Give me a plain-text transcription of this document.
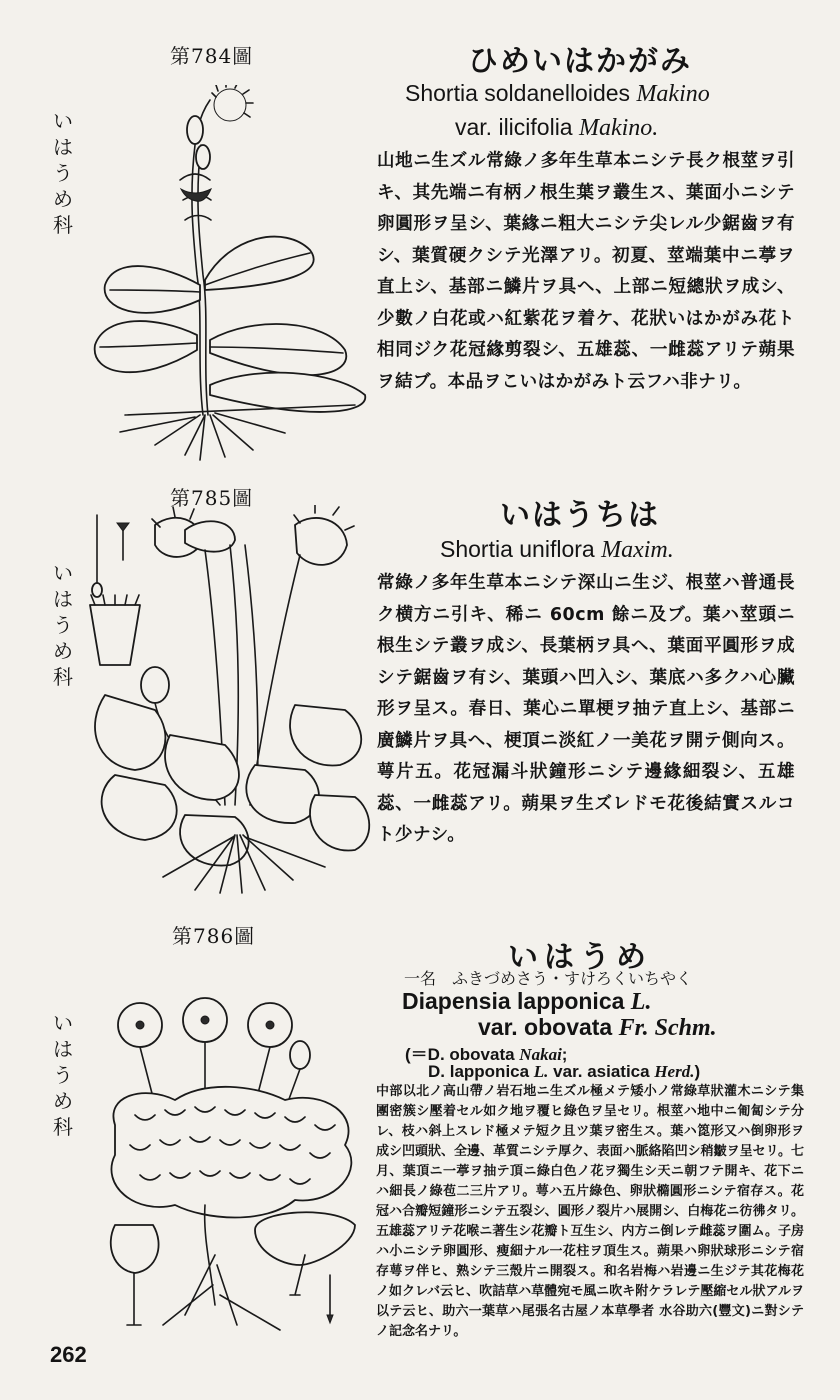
第784圖
い
は
う
め
科
ひめいはかがみ
Shortia soldanelloides Makino
var. ilicifolia Makino.
山地ニ生ズル常綠ノ多年生草本ニシテ長ク根莖ヲ引キ、其先端ニ有柄ノ根生葉ヲ叢生ス、葉面小ニシテ卵圓形ヲ呈シ、葉緣ニ粗大ニシテ尖レル少鋸齒ヲ有シ、葉質硬クシテ光澤アリ。初夏、莖端葉中ニ葶ヲ直上シ、基部ニ鱗片ヲ具ヘ、上部ニ短總狀ヲ成シ、少數ノ白花或ハ紅紫花ヲ着ケ、花狀いはかがみ花ト相同ジク花冠緣剪裂シ、五雄蕊、一雌蕊アリテ蒴果ヲ結ブ。本品ヲこいはかがみト云フハ非ナリ。
第785圖
い
は
う
め
科
いはうちは
Shortia uniflora Maxim.
常綠ノ多年生草本ニシテ深山ニ生ジ、根莖ハ普通長ク横方ニ引キ、稀ニ 60cm 餘ニ及ブ。葉ハ莖頭ニ根生シテ叢ヲ成シ、長葉柄ヲ具ヘ、葉面平圓形ヲ成シテ鋸齒ヲ有シ、葉頭ハ凹入シ、葉底ハ多クハ心臟形ヲ呈ス。春日、葉心ニ單梗ヲ抽テ直上シ、基部ニ廣鱗片ヲ具ヘ、梗頂ニ淡紅ノ一美花ヲ開テ側向ス。萼片五。花冠漏斗狀鐘形ニシテ邊緣細裂シ、五雄蕊、一雌蕊アリ。蒴果ヲ生ズレドモ花後結實スルコト少ナシ。
第786圖
い
は
う
め
科
いはうめ
一名　ふきづめさう・すけろくいちやく
Diapensia lapponica L.
var. obovata Fr. Schm.
(＝D. obovata Nakai;
D. lapponica L. var. asiatica Herd.)
中部以北ノ高山帶ノ岩石地ニ生ズル極メテ矮小ノ常綠草狀灌木ニシテ集團密簇シ壓着セル如ク地ヲ覆ヒ綠色ヲ呈セリ。根莖ハ地中ニ匍匐シテ分レ、枝ハ斜上スレド極メテ短ク且ツ葉ヲ密生ス。葉ハ箆形又ハ倒卵形ヲ成シ凹頭狀、全邊、革質ニシテ厚ク、表面ハ脈絡陷凹シ稍皺ヲ呈セリ。七月、葉頂ニ一葶ヲ抽テ頂ニ綠白色ノ花ヲ獨生シ天ニ朝フテ開キ、花下ニハ細長ノ綠苞二三片アリ。萼ハ五片綠色、卵狀橢圓形ニシテ宿存ス。花冠ハ合瓣短鐘形ニシテ五裂シ、圓形ノ裂片ハ展開シ、白梅花ニ彷彿タリ。五雄蕊アリテ花喉ニ著生シ花瓣ト互生シ、内方ニ倒レテ雌蕊ヲ圍ム。子房ハ小ニシテ卵圓形、瘦細ナル一花柱ヲ頂生ス。蒴果ハ卵狀球形ニシテ宿存萼ヲ伴ヒ、熟シテ三殼片ニ開裂ス。和名岩梅ハ岩邊ニ生ジテ其花梅花ノ如クレバ云ヒ、吹詰草ハ草體宛モ風ニ吹キ附ケラレテ壓縮セル狀アルヲ以テ云ヒ、助六一葉草ハ尾張名古屋ノ本草學者 水谷助六(豐文)ニ對シテノ記念名ナリ。
262
